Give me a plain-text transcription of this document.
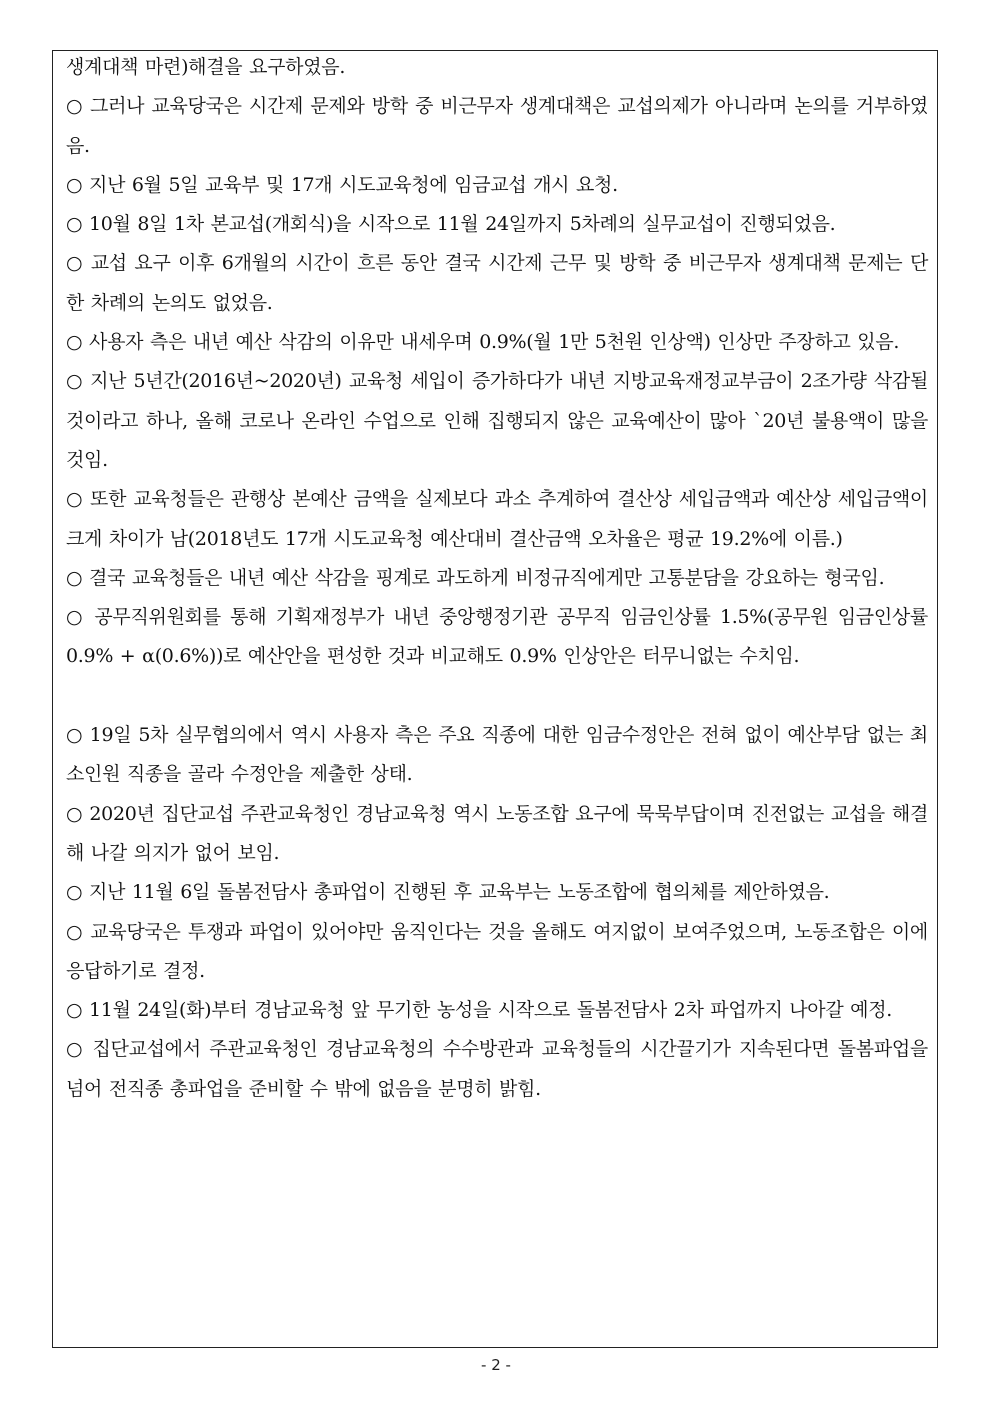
생계대책 마련)해결을 요구하였음.

○ 그러나 교육당국은 시간제 문제와 방학 중 비근무자 생계대책은 교섭의제가 아니라며 논의를 거부하였음.

○ 지난 6월 5일 교육부 및 17개 시도교육청에 임금교섭 개시 요청.

○ 10월 8일 1차 본교섭(개회식)을 시작으로 11월 24일까지 5차례의 실무교섭이 진행되었음.

○ 교섭 요구 이후 6개월의 시간이 흐른 동안 결국 시간제 근무 및 방학 중 비근무자 생계대책 문제는 단 한 차례의 논의도 없었음.

○ 사용자 측은 내년 예산 삭감의 이유만 내세우며 0.9%(월 1만 5천원 인상액) 인상만 주장하고 있음.

○ 지난 5년간(2016년~2020년) 교육청 세입이 증가하다가 내년 지방교육재정교부금이 2조가량 삭감될 것이라고 하나, 올해 코로나 온라인 수업으로 인해 집행되지 않은 교육예산이 많아 `20년 불용액이 많을 것임.

○ 또한 교육청들은 관행상 본예산 금액을 실제보다 과소 추계하여 결산상 세입금액과 예산상 세입금액이 크게 차이가 남(2018년도 17개 시도교육청 예산대비 결산금액 오차율은 평균 19.2%에 이름.)

○ 결국 교육청들은 내년 예산 삭감을 핑계로 과도하게 비정규직에게만 고통분담을 강요하는 형국임.

○ 공무직위원회를 통해 기획재정부가 내년 중앙행정기관 공무직 임금인상률 1.5%(공무원 임금인상률 0.9% + α(0.6%))로 예산안을 편성한 것과 비교해도 0.9% 인상안은 터무니없는 수치임.

○ 19일 5차 실무협의에서 역시 사용자 측은 주요 직종에 대한 임금수정안은 전혀 없이 예산부담 없는 최소인원 직종을 골라 수정안을 제출한 상태.

○ 2020년 집단교섭 주관교육청인 경남교육청 역시 노동조합 요구에 묵묵부답이며 진전없는 교섭을 해결해 나갈 의지가 없어 보임.

○ 지난 11월 6일 돌봄전담사 총파업이 진행된 후 교육부는 노동조합에 협의체를 제안하였음.

○ 교육당국은 투쟁과 파업이 있어야만 움직인다는 것을 올해도 여지없이 보여주었으며, 노동조합은 이에 응답하기로 결정.

○ 11월 24일(화)부터 경남교육청 앞 무기한 농성을 시작으로 돌봄전담사 2차 파업까지 나아갈 예정.

○ 집단교섭에서 주관교육청인 경남교육청의 수수방관과 교육청들의 시간끌기가 지속된다면 돌봄파업을 넘어 전직종 총파업을 준비할 수 밖에 없음을 분명히 밝힘.

- 2 -
